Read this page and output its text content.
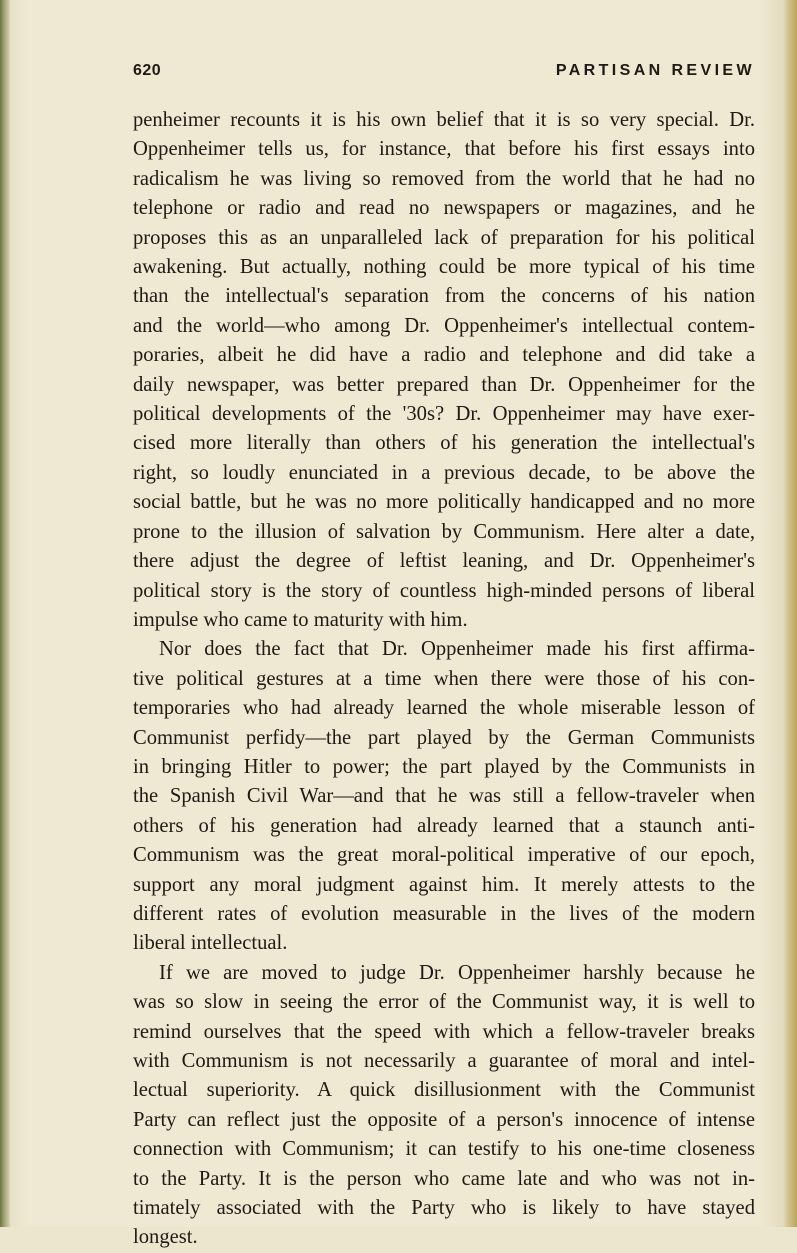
620	PARTISAN REVIEW

penheimer recounts it is his own belief that it is so very special. Dr.
Oppenheimer tells us, for instance, that before his first essays into
radicalism he was living so removed from the world that he had no
telephone or radio and read no newspapers or magazines, and he
proposes this as an unparalleled lack of preparation for his political
awakening. But actually, nothing could be more typical of his time
than the intellectual's separation from the concerns of his nation
and the world—who among Dr. Oppenheimer's intellectual contem-
poraries, albeit he did have a radio and telephone and did take a
daily newspaper, was better prepared than Dr. Oppenheimer for the
political developments of the '30s? Dr. Oppenheimer may have exer-
cised more literally than others of his generation the intellectual's
right, so loudly enunciated in a previous decade, to be above the
social battle, but he was no more politically handicapped and no more
prone to the illusion of salvation by Communism. Here alter a date,
there adjust the degree of leftist leaning, and Dr. Oppenheimer's
political story is the story of countless high-minded persons of liberal
impulse who came to maturity with him.

Nor does the fact that Dr. Oppenheimer made his first affirma-
tive political gestures at a time when there were those of his con-
temporaries who had already learned the whole miserable lesson of
Communist perfidy—the part played by the German Communists
in bringing Hitler to power; the part played by the Communists in
the Spanish Civil War—and that he was still a fellow-traveler when
others of his generation had already learned that a staunch anti-
Communism was the great moral-political imperative of our epoch,
support any moral judgment against him. It merely attests to the
different rates of evolution measurable in the lives of the modern
liberal intellectual.

If we are moved to judge Dr. Oppenheimer harshly because he
was so slow in seeing the error of the Communist way, it is well to
remind ourselves that the speed with which a fellow-traveler breaks
with Communism is not necessarily a guarantee of moral and intel-
lectual superiority. A quick disillusionment with the Communist
Party can reflect just the opposite of a person's innocence of intense
connection with Communism; it can testify to his one-time closeness
to the Party. It is the person who came late and who was not in-
timately associated with the Party who is likely to have stayed
longest.
